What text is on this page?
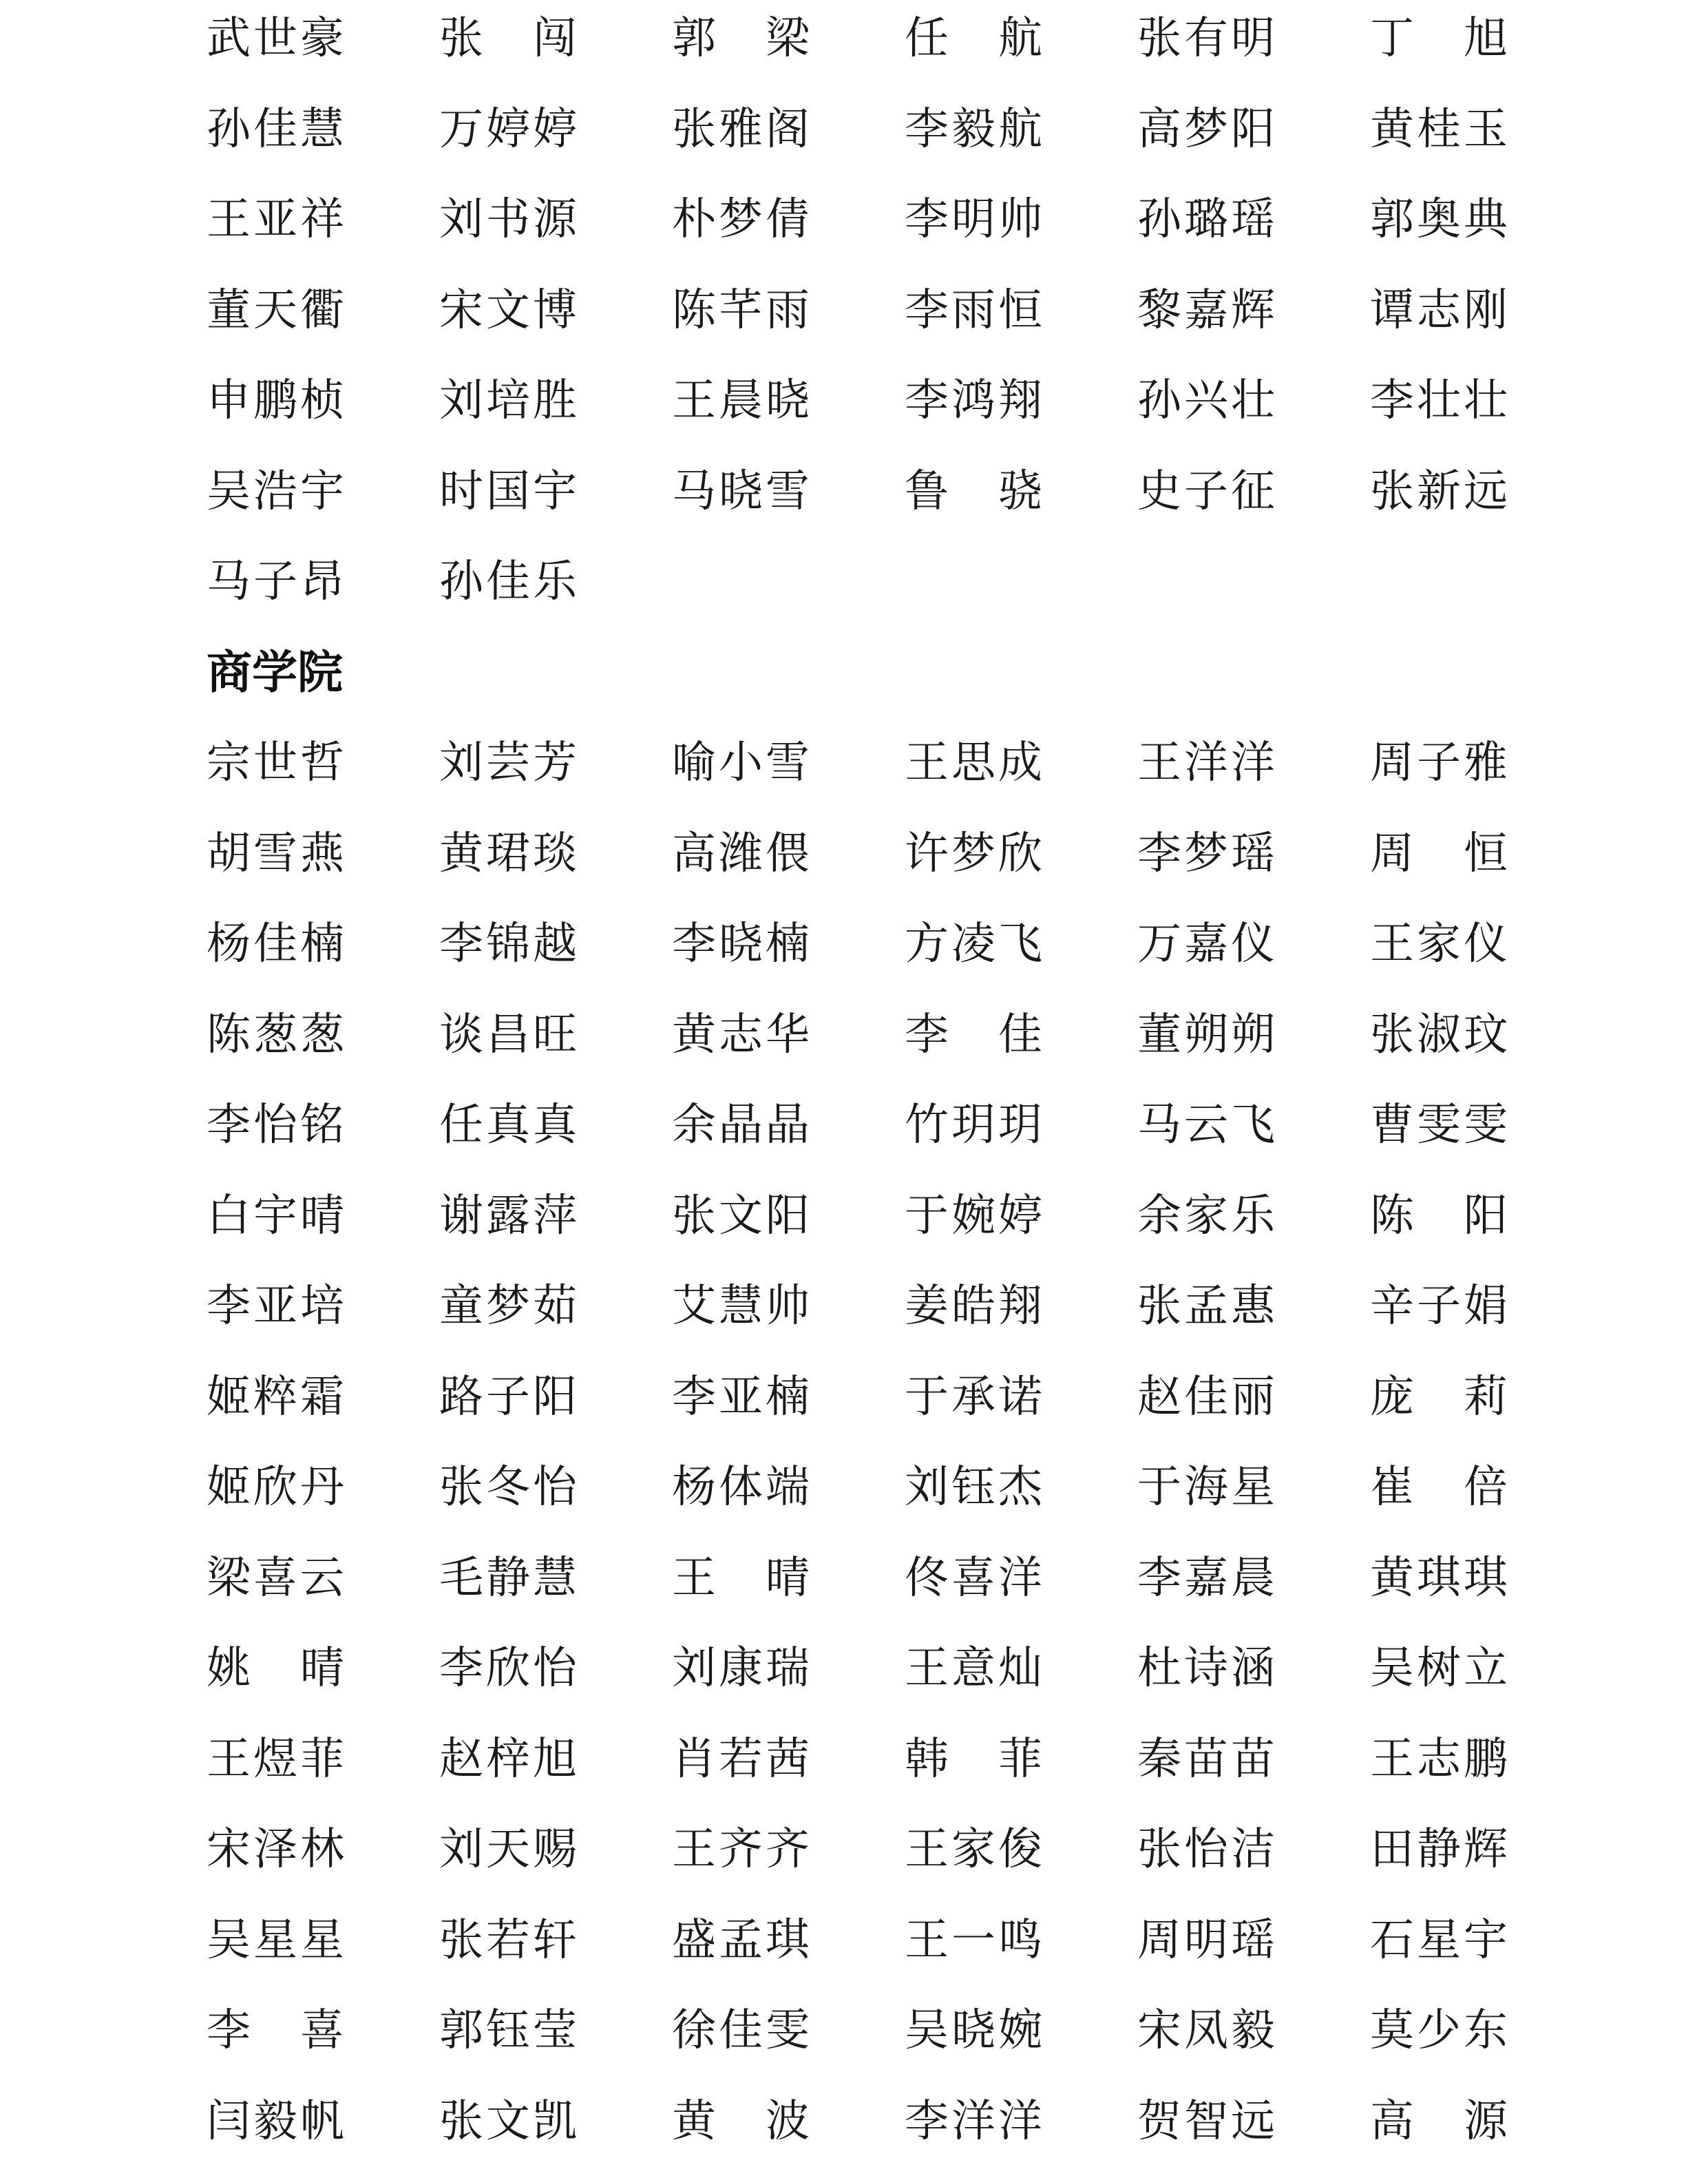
武 世 豪 张 闯 郭 梁 任 航 张 有 明 丁 旭
孙 佳 慧 万 婷 婷 张 雅 阁 李 毅 航 高 梦 阳 黄 桂 玉
王 亚 祥 刘 书 源 朴 梦 倩 李 明 帅 孙 璐 瑶 郭 奥 典
董 天 衢 宋 文 博 陈 芊 雨 李 雨 恒 黎 嘉 辉 谭 志 刚
申 鹏 桢 刘 培 胜 王 晨 晓 李 鸿 翔 孙 兴 壮 李 壮 壮
吴 浩 宇 时 国 宇 马 晓 雪 鲁 骁 史 子 征 张 新 远
马 子 昂 孙 佳 乐
商学院
宗 世 哲 刘 芸 芳 喻 小 雪 王 思 成 王 洋 洋 周 子 雅
胡 雪 燕 黄 珺 琰 高 潍 偎 许 梦 欣 李 梦 瑶 周 恒
杨 佳 楠 李 锦 越 李 晓 楠 方 凌 飞 万 嘉 仪 王 家 仪
陈 葱 葱 谈 昌 旺 黄 志 华 李 佳 董 朔 朔 张 淑 玟
李 怡 铭 任 真 真 余 晶 晶 竹 玥 玥 马 云 飞 曹 雯 雯
白 宇 晴 谢 露 萍 张 文 阳 于 婉 婷 余 家 乐 陈 阳
李 亚 培 童 梦 茹 艾 慧 帅 姜 皓 翔 张 孟 惠 辛 子 娟
姬 粹 霜 路 子 阳 李 亚 楠 于 承 诺 赵 佳 丽 庞 莉
姬 欣 丹 张 冬 怡 杨 体 端 刘 钰 杰 于 海 星 崔 倍
梁 喜 云 毛 静 慧 王 晴 佟 喜 洋 李 嘉 晨 黄 琪 琪
姚 晴 李 欣 怡 刘 康 瑞 王 意 灿 杜 诗 涵 吴 树 立
王 煜 菲 赵 梓 旭 肖 若 茜 韩 菲 秦 苗 苗 王 志 鹏
宋 泽 林 刘 天 赐 王 齐 齐 王 家 俊 张 怡 洁 田 静 辉
吴 星 星 张 若 轩 盛 孟 琪 王 一 鸣 周 明 瑶 石 星 宇
李 喜 郭 钰 莹 徐 佳 雯 吴 晓 婉 宋 凤 毅 莫 少 东
闫 毅 帆 张 文 凯 黄 波 李 洋 洋 贺 智 远 高 源
